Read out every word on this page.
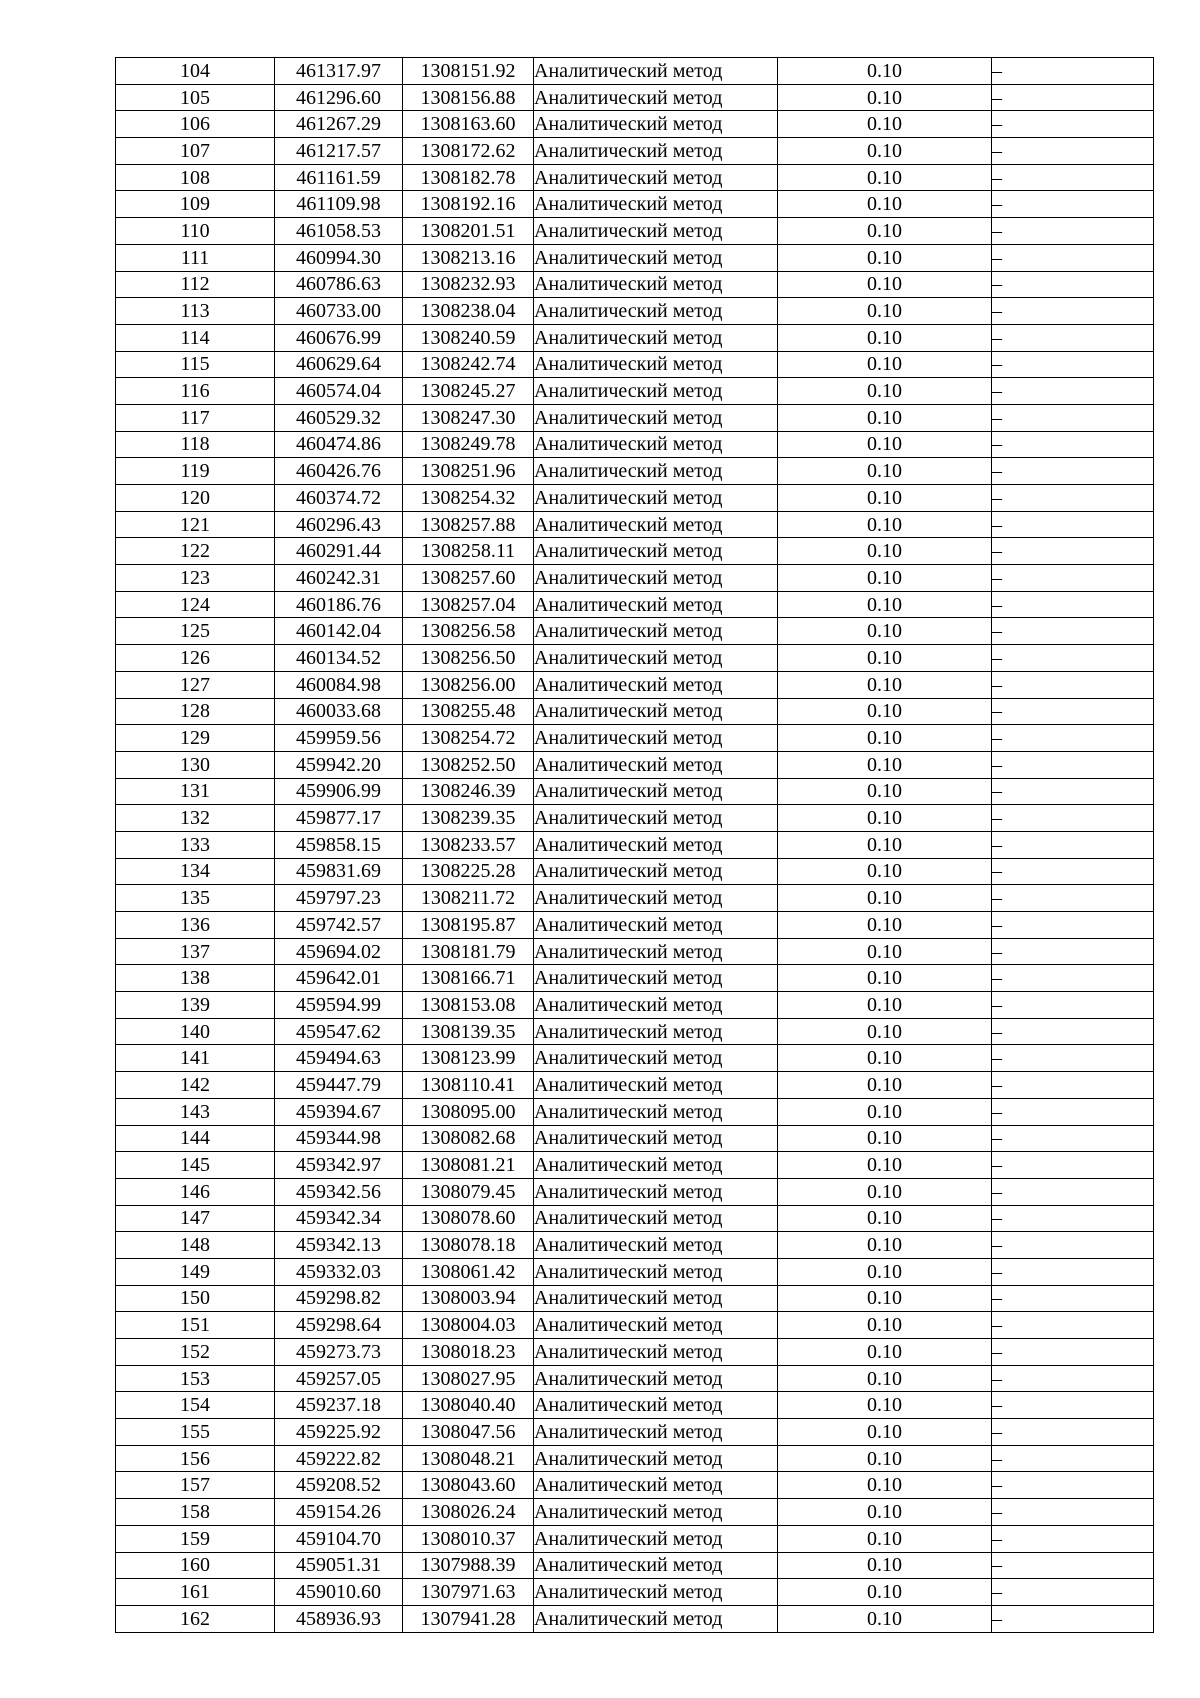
104	461317.97	1308151.92	Аналитический метод	0.10	–
105	461296.60	1308156.88	Аналитический метод	0.10	–
106	461267.29	1308163.60	Аналитический метод	0.10	–
107	461217.57	1308172.62	Аналитический метод	0.10	–
108	461161.59	1308182.78	Аналитический метод	0.10	–
109	461109.98	1308192.16	Аналитический метод	0.10	–
110	461058.53	1308201.51	Аналитический метод	0.10	–
111	460994.30	1308213.16	Аналитический метод	0.10	–
112	460786.63	1308232.93	Аналитический метод	0.10	–
113	460733.00	1308238.04	Аналитический метод	0.10	–
114	460676.99	1308240.59	Аналитический метод	0.10	–
115	460629.64	1308242.74	Аналитический метод	0.10	–
116	460574.04	1308245.27	Аналитический метод	0.10	–
117	460529.32	1308247.30	Аналитический метод	0.10	–
118	460474.86	1308249.78	Аналитический метод	0.10	–
119	460426.76	1308251.96	Аналитический метод	0.10	–
120	460374.72	1308254.32	Аналитический метод	0.10	–
121	460296.43	1308257.88	Аналитический метод	0.10	–
122	460291.44	1308258.11	Аналитический метод	0.10	–
123	460242.31	1308257.60	Аналитический метод	0.10	–
124	460186.76	1308257.04	Аналитический метод	0.10	–
125	460142.04	1308256.58	Аналитический метод	0.10	–
126	460134.52	1308256.50	Аналитический метод	0.10	–
127	460084.98	1308256.00	Аналитический метод	0.10	–
128	460033.68	1308255.48	Аналитический метод	0.10	–
129	459959.56	1308254.72	Аналитический метод	0.10	–
130	459942.20	1308252.50	Аналитический метод	0.10	–
131	459906.99	1308246.39	Аналитический метод	0.10	–
132	459877.17	1308239.35	Аналитический метод	0.10	–
133	459858.15	1308233.57	Аналитический метод	0.10	–
134	459831.69	1308225.28	Аналитический метод	0.10	–
135	459797.23	1308211.72	Аналитический метод	0.10	–
136	459742.57	1308195.87	Аналитический метод	0.10	–
137	459694.02	1308181.79	Аналитический метод	0.10	–
138	459642.01	1308166.71	Аналитический метод	0.10	–
139	459594.99	1308153.08	Аналитический метод	0.10	–
140	459547.62	1308139.35	Аналитический метод	0.10	–
141	459494.63	1308123.99	Аналитический метод	0.10	–
142	459447.79	1308110.41	Аналитический метод	0.10	–
143	459394.67	1308095.00	Аналитический метод	0.10	–
144	459344.98	1308082.68	Аналитический метод	0.10	–
145	459342.97	1308081.21	Аналитический метод	0.10	–
146	459342.56	1308079.45	Аналитический метод	0.10	–
147	459342.34	1308078.60	Аналитический метод	0.10	–
148	459342.13	1308078.18	Аналитический метод	0.10	–
149	459332.03	1308061.42	Аналитический метод	0.10	–
150	459298.82	1308003.94	Аналитический метод	0.10	–
151	459298.64	1308004.03	Аналитический метод	0.10	–
152	459273.73	1308018.23	Аналитический метод	0.10	–
153	459257.05	1308027.95	Аналитический метод	0.10	–
154	459237.18	1308040.40	Аналитический метод	0.10	–
155	459225.92	1308047.56	Аналитический метод	0.10	–
156	459222.82	1308048.21	Аналитический метод	0.10	–
157	459208.52	1308043.60	Аналитический метод	0.10	–
158	459154.26	1308026.24	Аналитический метод	0.10	–
159	459104.70	1308010.37	Аналитический метод	0.10	–
160	459051.31	1307988.39	Аналитический метод	0.10	–
161	459010.60	1307971.63	Аналитический метод	0.10	–
162	458936.93	1307941.28	Аналитический метод	0.10	–
